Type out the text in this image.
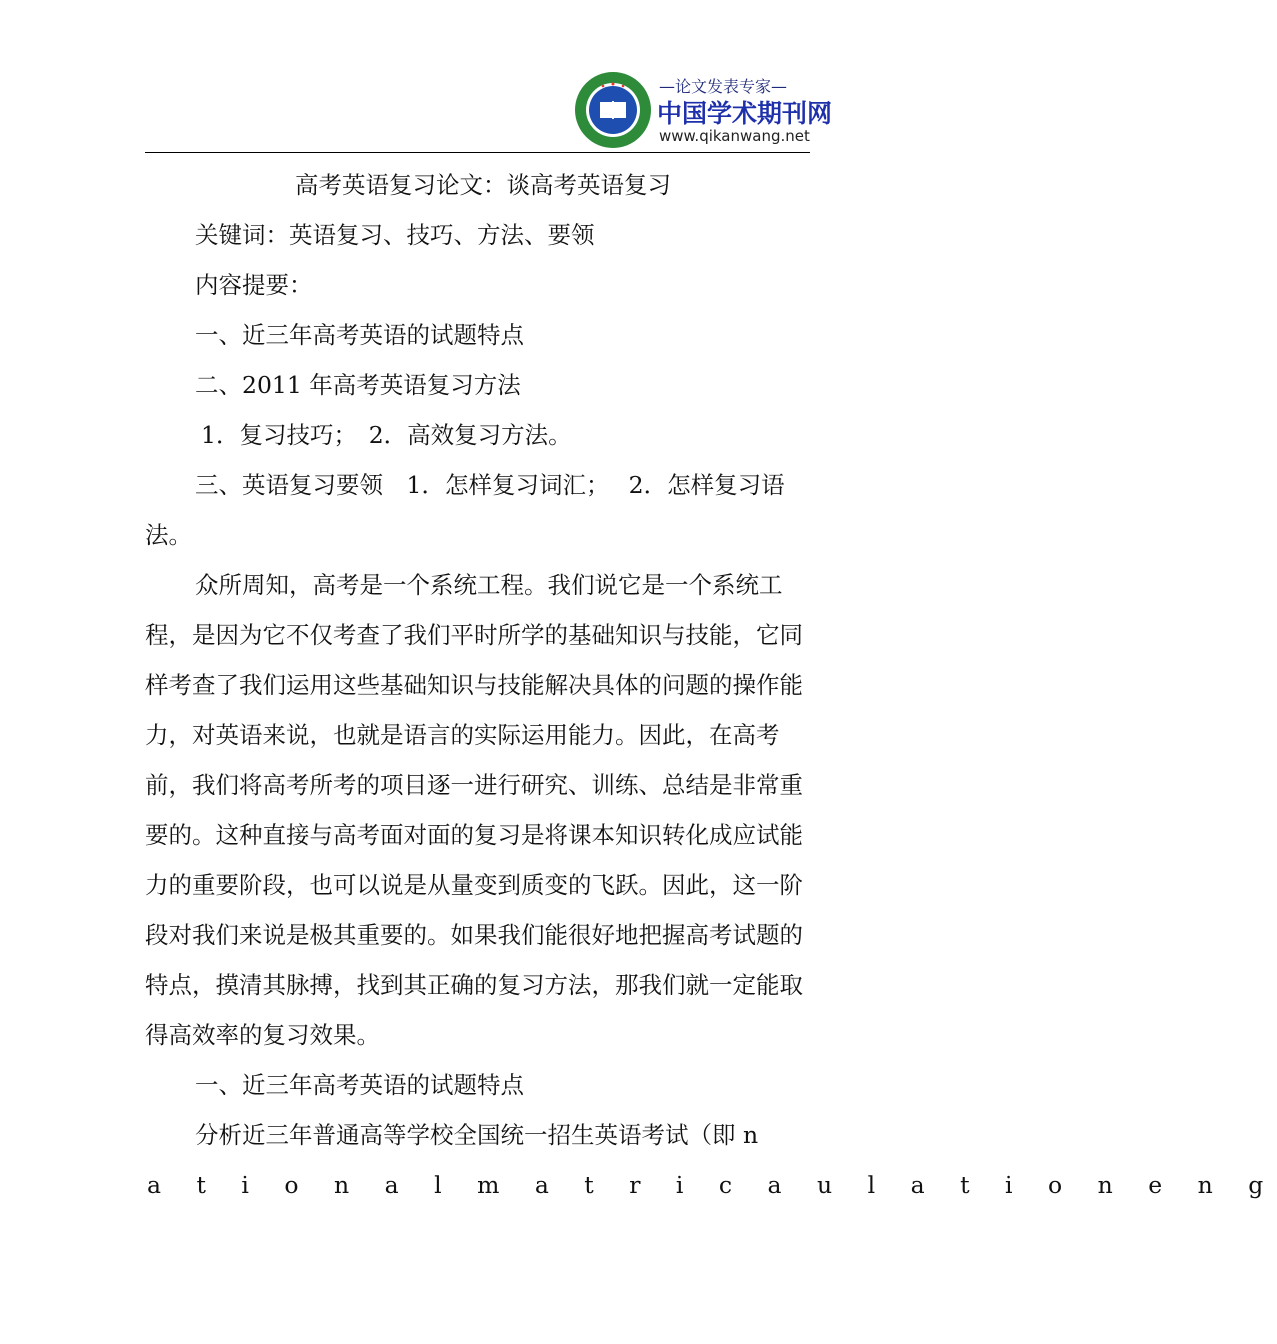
—论文发表专家—
中国学术期刊网
www.qikanwang.net

高考英语复习论文：谈高考英语复习

关键词：英语复习、技巧、方法、要领

内容提要：

一、近三年高考英语的试题特点

二、2011 年高考英语复习方法

1．复习技巧；　2．高效复习方法。

三、英语复习要领　1．怎样复习词汇；　 2．怎样复习语法。

众所周知，高考是一个系统工程。我们说它是一个系统工程，是因为它不仅考查了我们平时所学的基础知识与技能，它同样考查了我们运用这些基础知识与技能解决具体的问题的操作能力，对英语来说，也就是语言的实际运用能力。因此，在高考前，我们将高考所考的项目逐一进行研究、训练、总结是非常重要的。这种直接与高考面对面的复习是将课本知识转化成应试能力的重要阶段，也可以说是从量变到质变的飞跃。因此，这一阶段对我们来说是极其重要的。如果我们能很好地把握高考试题的特点，摸清其脉搏，找到其正确的复习方法，那我们就一定能取得高效率的复习效果。

一、近三年高考英语的试题特点

分析近三年普通高等学校全国统一招生英语考试（即 n

a t i o n a l m a t r i c a u l a t i o n e n g
